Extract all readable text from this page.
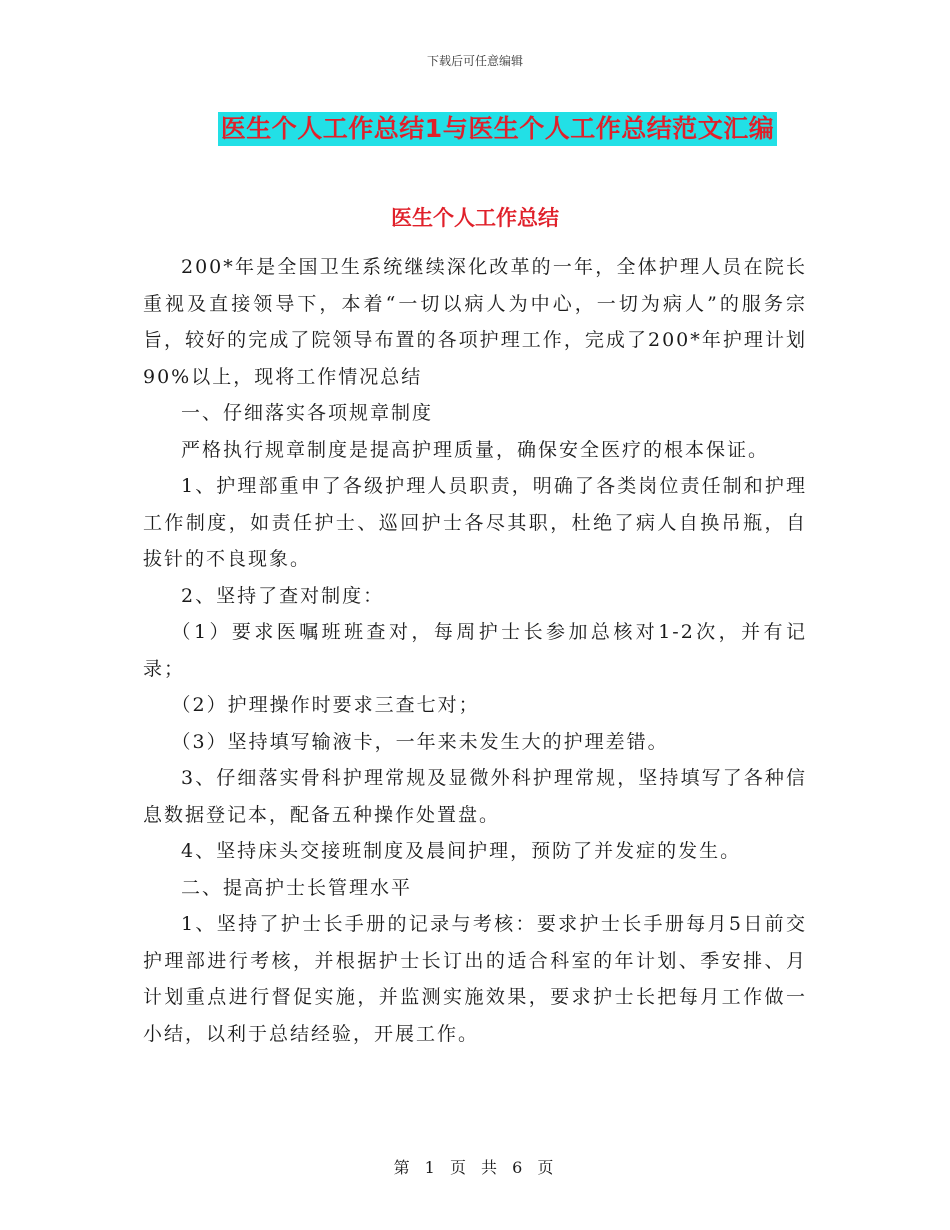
下载后可任意编辑
医生个人工作总结1与医生个人工作总结范文汇编
医生个人工作总结

200*年是全国卫生系统继续深化改革的一年，全体护理人员在院长重视及直接领导下，本着“一切以病人为中心，一切为病人”的服务宗旨，较好的完成了院领导布置的各项护理工作，完成了200*年护理计划90%以上，现将工作情况总结

一、仔细落实各项规章制度

严格执行规章制度是提高护理质量，确保安全医疗的根本保证。

1、护理部重申了各级护理人员职责，明确了各类岗位责任制和护理工作制度，如责任护士、巡回护士各尽其职，杜绝了病人自换吊瓶，自拔针的不良现象。

2、坚持了查对制度：

（1）要求医嘱班班查对，每周护士长参加总核对1-2次，并有记录；

（2）护理操作时要求三查七对；

（3）坚持填写输液卡，一年来未发生大的护理差错。

3、仔细落实骨科护理常规及显微外科护理常规，坚持填写了各种信息数据登记本，配备五种操作处置盘。

4、坚持床头交接班制度及晨间护理，预防了并发症的发生。

二、提高护士长管理水平

1、坚持了护士长手册的记录与考核：要求护士长手册每月5日前交护理部进行考核，并根据护士长订出的适合科室的年计划、季安排、月计划重点进行督促实施，并监测实施效果，要求护士长把每月工作做一小结，以利于总结经验，开展工作。

第 1 页 共 6 页
